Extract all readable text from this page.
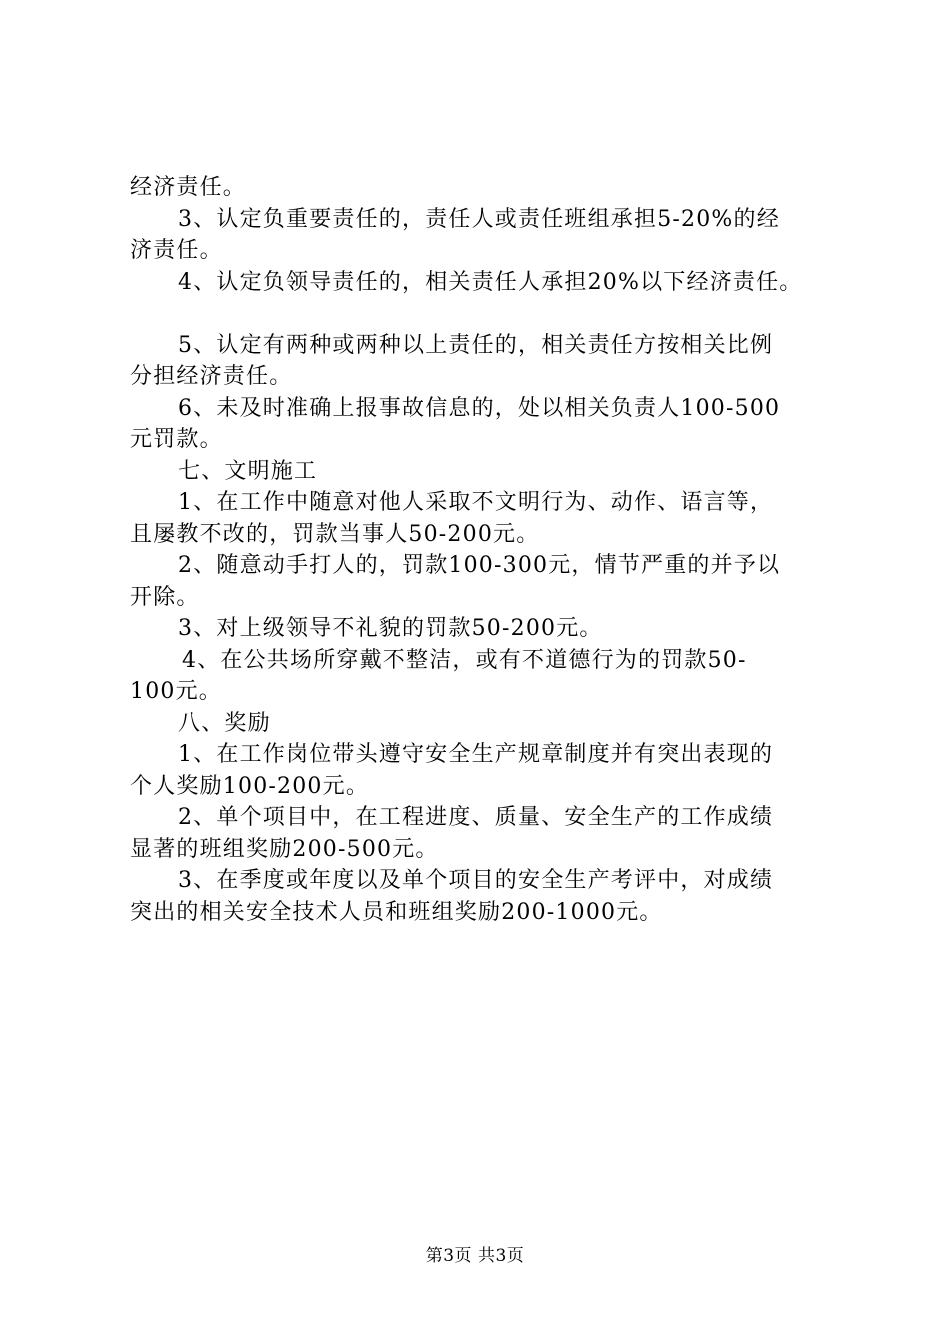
经济责任。
3、认定负重要责任的，责任人或责任班组承担5-20%的经
济责任。
4、认定负领导责任的，相关责任人承担20%以下经济责任。
5、认定有两种或两种以上责任的，相关责任方按相关比例
分担经济责任。
6、未及时准确上报事故信息的，处以相关负责人100-500
元罚款。
七、文明施工
1、在工作中随意对他人采取不文明行为、动作、语言等，
且屡教不改的，罚款当事人50-200元。
2、随意动手打人的，罚款100-300元，情节严重的并予以
开除。
3、对上级领导不礼貌的罚款50-200元。
4、在公共场所穿戴不整洁，或有不道德行为的罚款50-
100元。
八、奖励
1、在工作岗位带头遵守安全生产规章制度并有突出表现的
个人奖励100-200元。
2、单个项目中，在工程进度、质量、安全生产的工作成绩
显著的班组奖励200-500元。
3、在季度或年度以及单个项目的安全生产考评中，对成绩
突出的相关安全技术人员和班组奖励200-1000元。
第3页 共3页
